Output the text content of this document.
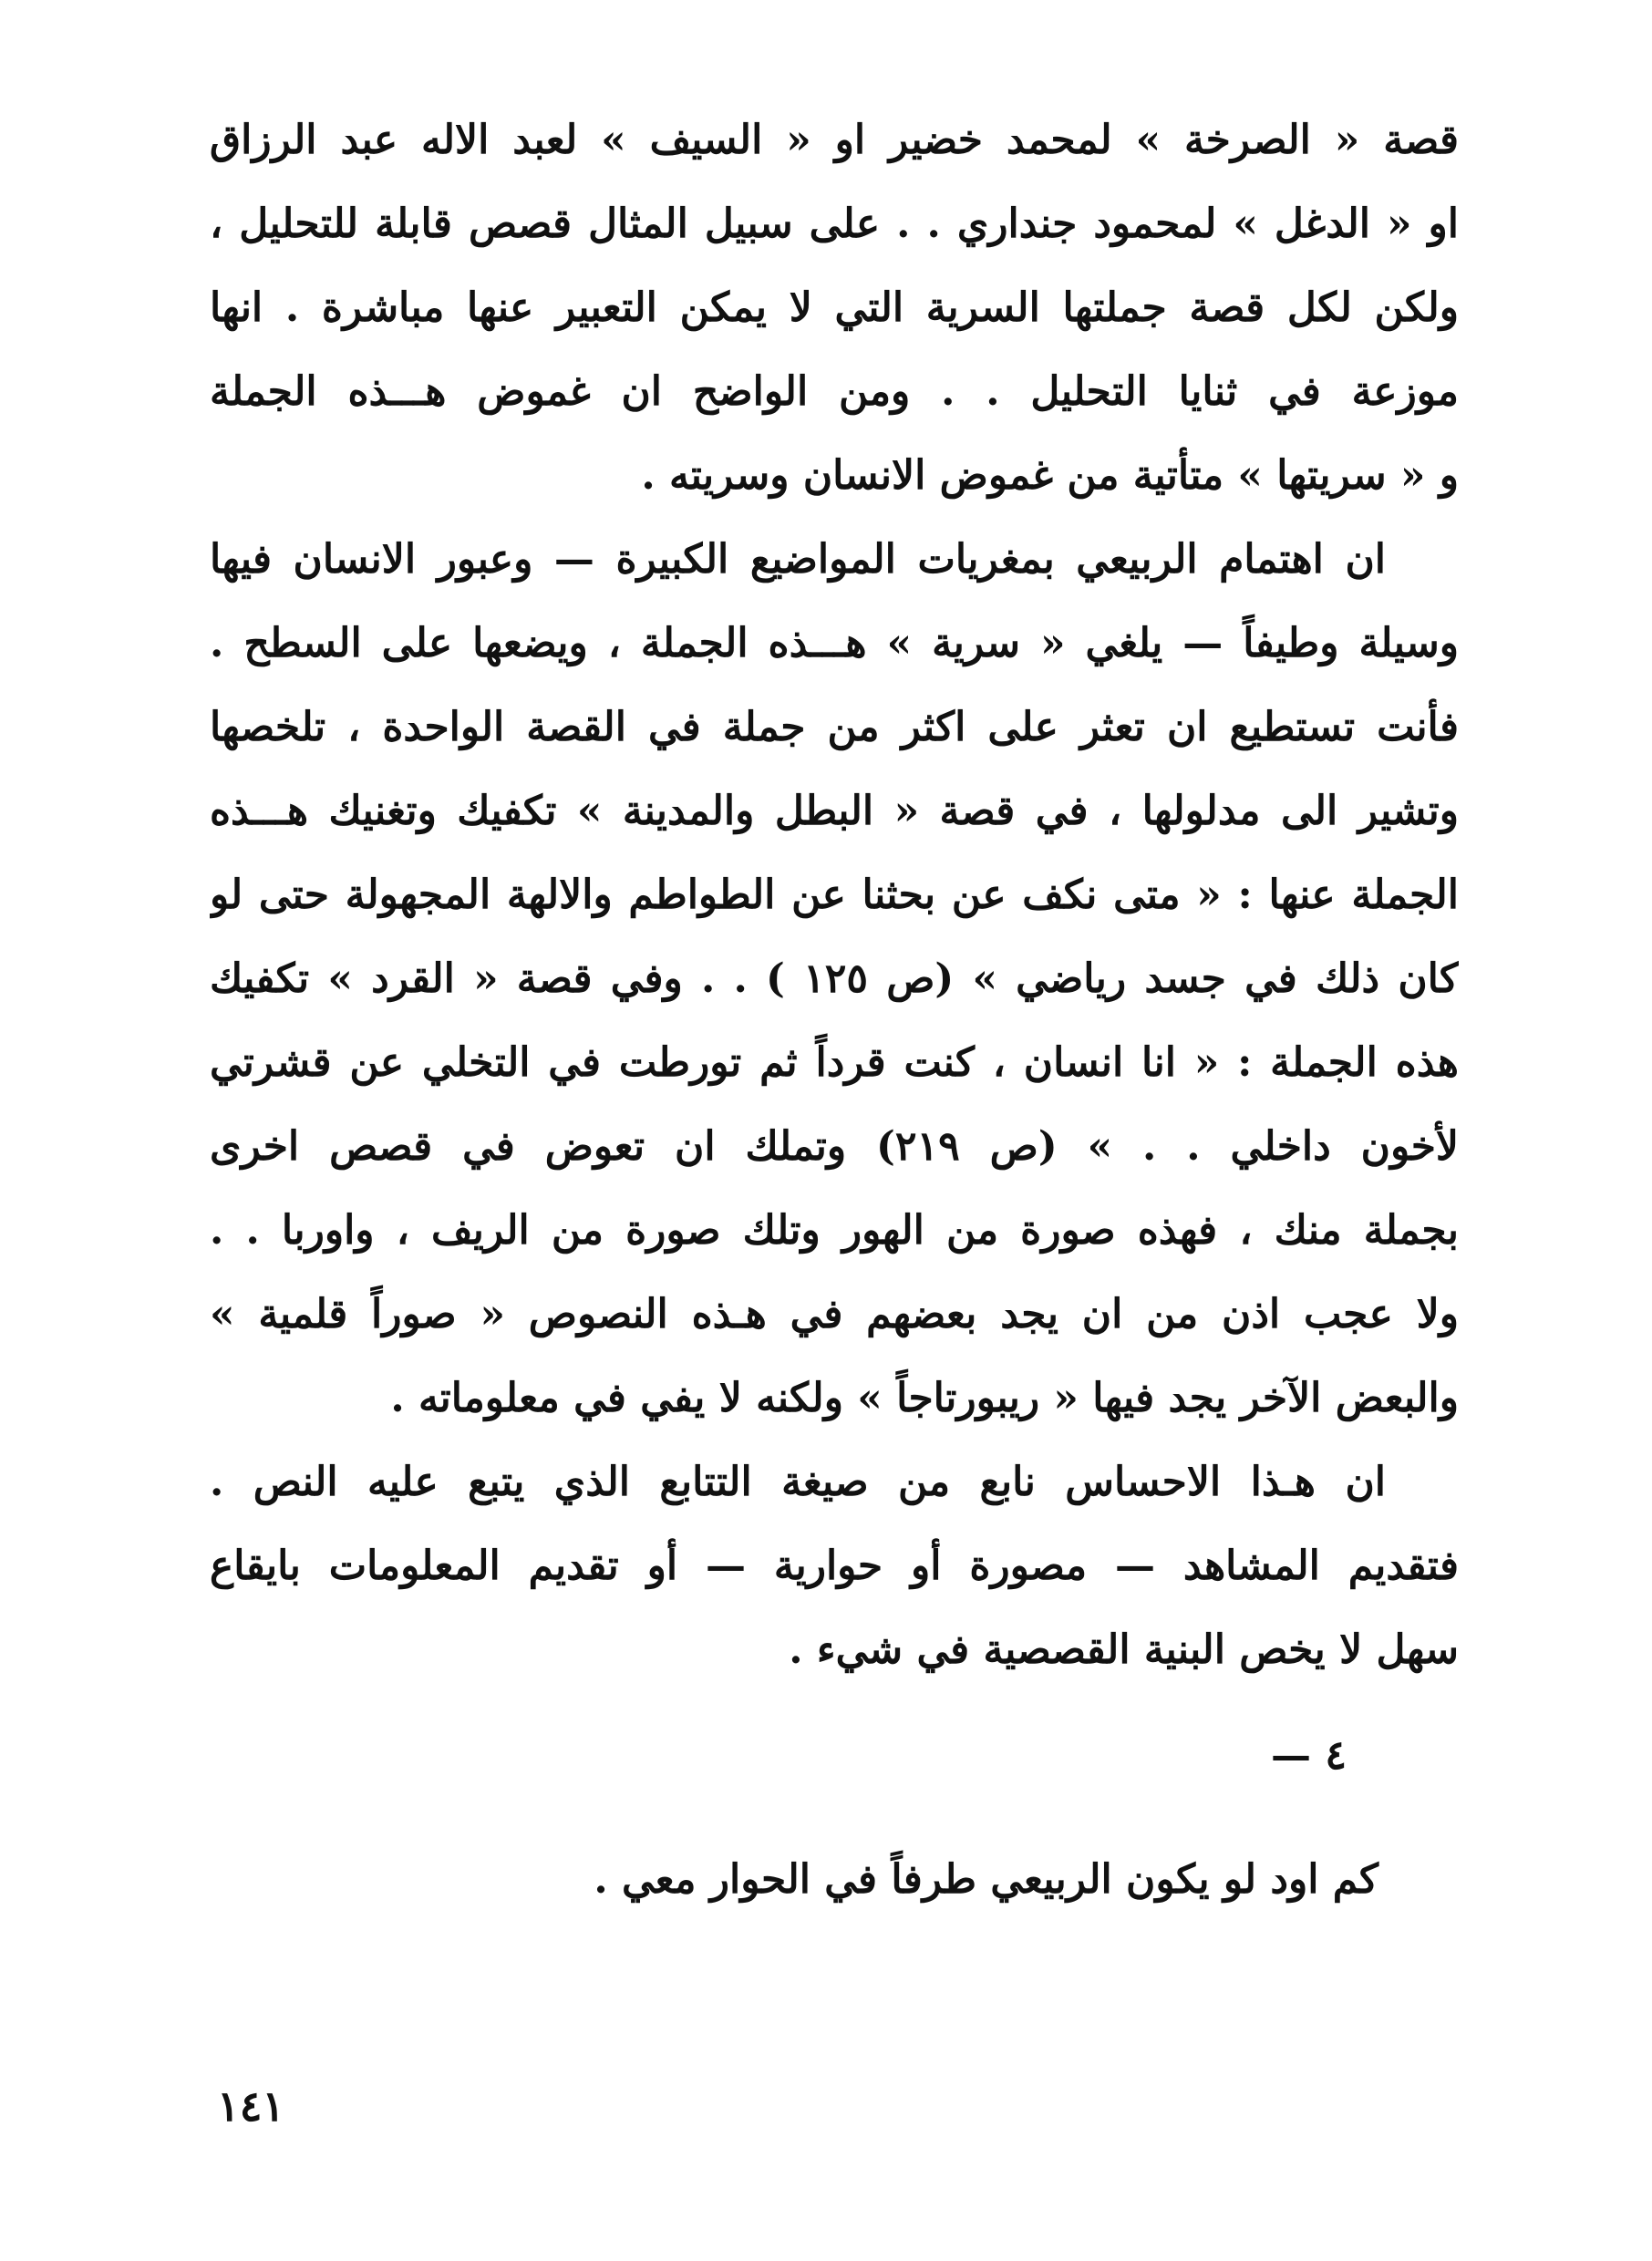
قصة « الصرخة » لمحمد خضير او « السيف » لعبد الاله عبد الرزاق
او « الدغل » لمحمود جنداري . . على سبيل المثال قصص قابلة للتحليل ،
ولكن لكل قصة جملتها السرية التي لا يمكن التعبير عنها مباشرة . انها
موزعة في ثنايا التحليل . . ومن الواضح ان غموض هـــذه الجملة
و « سريتها » متأتية من غموض الانسان وسريته .
ان اهتمام الربيعي بمغريات المواضيع الكبيرة — وعبور الانسان فيها
وسيلة وطيفاً — يلغي « سرية » هـــذه الجملة ، ويضعها على السطح .
فأنت تستطيع ان تعثر على اكثر من جملة في القصة الواحدة ، تلخصها
وتشير الى مدلولها ، في قصة « البطل والمدينة » تكفيك وتغنيك هـــذه
الجملة عنها : « متى نكف عن بحثنا عن الطواطم والالهة المجهولة حتى لو
كان ذلك في جسد رياضي » (ص ١٢٥ ) . . وفي قصة « القرد » تكفيك
هذه الجملة : « انا انسان ، كنت قرداً ثم تورطت في التخلي عن قشرتي
لأخون داخلي . . » (ص ٢١٩) وتملك ان تعوض في قصص اخرى
بجملة منك ، فهذه صورة من الهور وتلك صورة من الريف ، واوربا . .
ولا عجب اذن من ان يجد بعضهم في هـذه النصوص « صوراً قلمية »
والبعض الآخر يجد فيها « ريبورتاجاً » ولكنه لا يفي في معلوماته .
ان هـذا الاحساس نابع من صيغة التتابع الذي يتبع عليه النص .
فتقديم المشاهد — مصورة أو حوارية — أو تقديم المعلومات بايقاع
سهل لا يخص البنية القصصية في شيء .
٤ —
كم اود لو يكون الربيعي طرفاً في الحوار معي .
١٤١
